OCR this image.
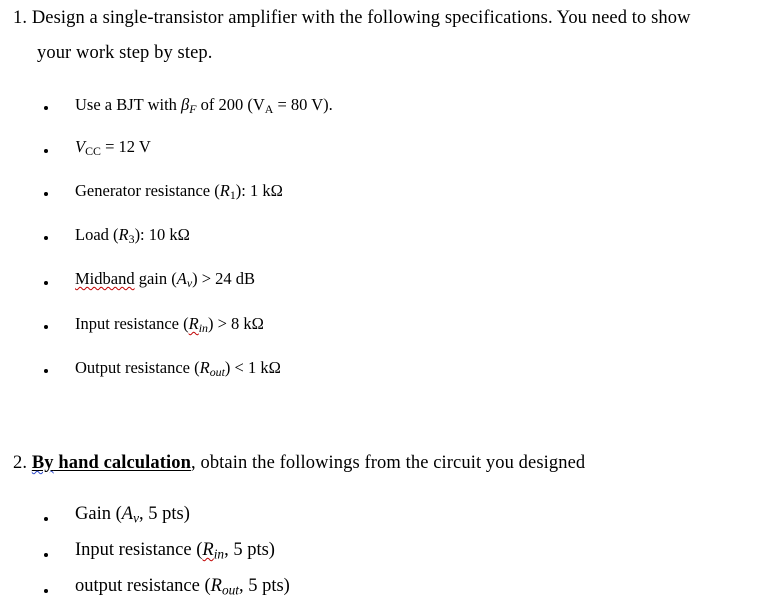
1. Design a single-transistor amplifier with the following specifications. You need to show
your work step by step.
Use a BJT with $\beta_F$ of 200 ($V_A = 80$ V).
$V_{CC} = 12$ V
Generator resistance $(R_1)$: 1 kΩ
Load $(R_3)$: 10 kΩ
Midband gain $(A_v) > 24$ dB
Input resistance $(R_{in}) > 8$ kΩ
Output resistance $(R_{out}) < 1$ kΩ
2. By hand calculation, obtain the followings from the circuit you designed
Gain ($A_v$, 5 pts)
Input resistance ($R_{in}$, 5 pts)
output resistance ($R_{out}$, 5 pts)
